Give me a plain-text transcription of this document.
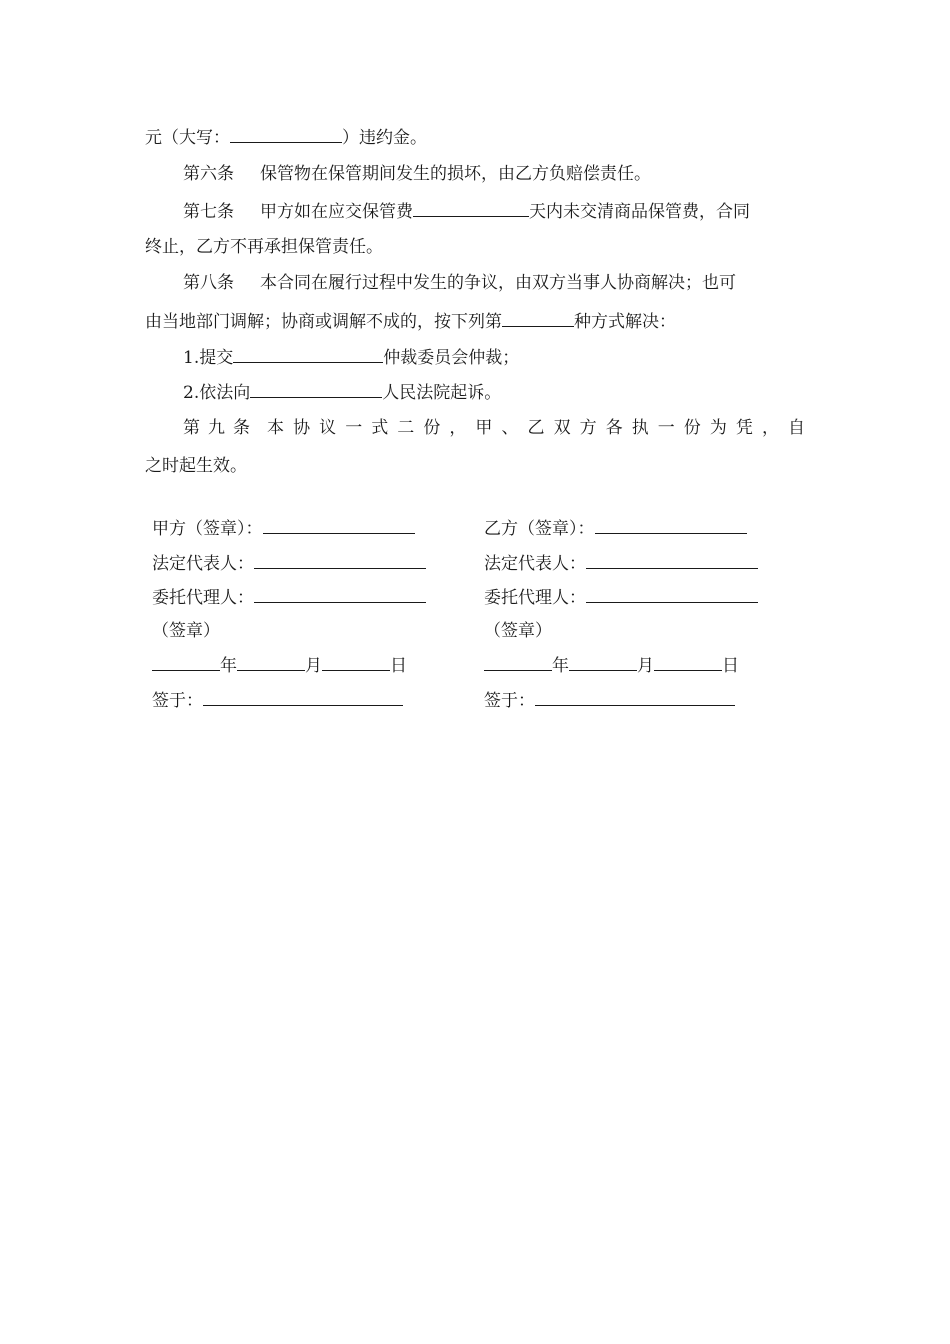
元（大写：	）违约金。
第六条 保管物在保管期间发生的损坏，由乙方负赔偿责任。
第七条 甲方如在应交保管费	天内未交清商品保管费，合同
终止，乙方不再承担保管责任。
第八条 本合同在履行过程中发生的争议，由双方当事人协商解决；也可
由当地部门调解；协商或调解不成的，按下列第	种方式解决：
1.提交	仲裁委员会仲裁；
2.依法向	人民法院起诉。
第九条 本 协 议 一 式 二 份 ， 甲 、 乙 双 方 各 执 一 份 为 凭 ， 自
之时起生效。
甲方（签章）：
法定代表人：
委托代理人：
（签章）
年	月	日
签于：
乙方（签章）：
法定代表人：
委托代理人：
（签章）
年	月	日
签于：
